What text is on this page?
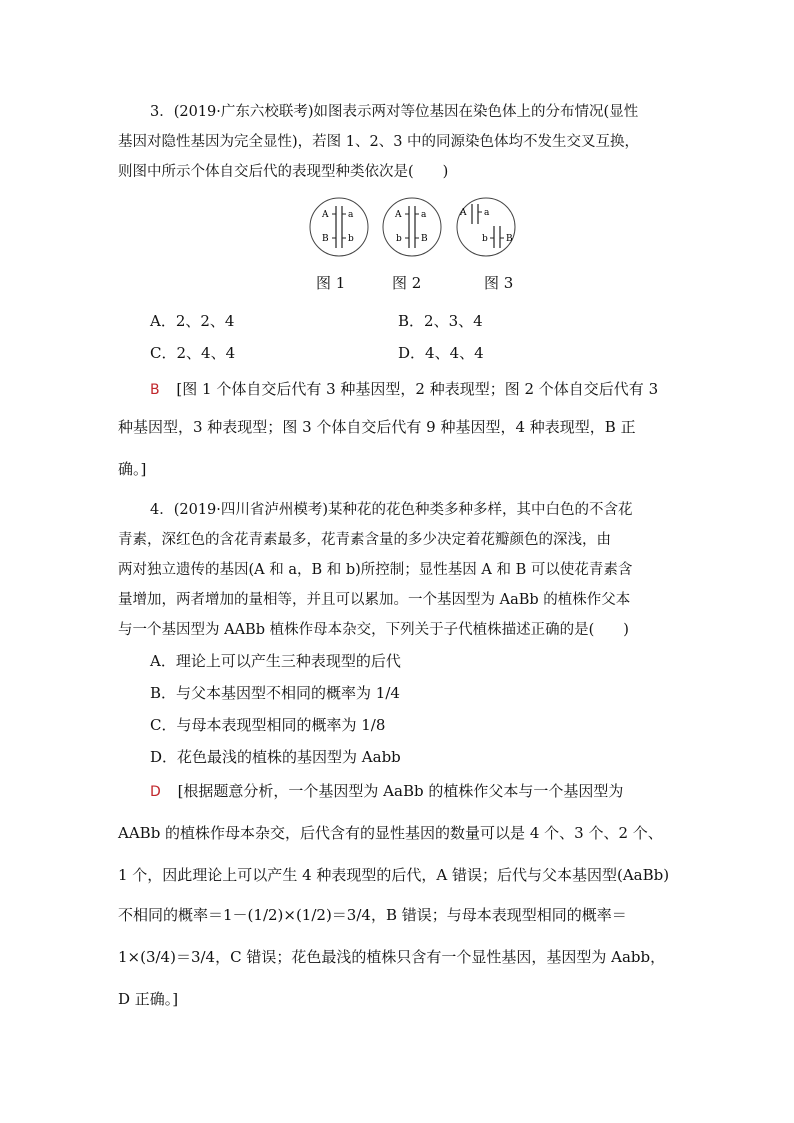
3．(2019·广东六校联考)如图表示两对等位基因在染色体上的分布情况(显性
基因对隐性基因为完全显性)，若图 1、2、3 中的同源染色体均不发生交叉互换，
则图中所示个体自交后代的表现型种类依次是(　　)
A a
B b
A a
b B
A a
b B
图 1	图 2	图 3
A．2、2、4	B．2、3、4
C．2、4、4	D．4、4、4
B [图 1 个体自交后代有 3 种基因型，2 种表现型；图 2 个体自交后代有 3
种基因型，3 种表现型；图 3 个体自交后代有 9 种基因型，4 种表现型，B 正
确。]
4．(2019·四川省泸州模考)某种花的花色种类多种多样，其中白色的不含花
青素，深红色的含花青素最多，花青素含量的多少决定着花瓣颜色的深浅，由
两对独立遗传的基因(A 和 a，B 和 b)所控制；显性基因 A 和 B 可以使花青素含
量增加，两者增加的量相等，并且可以累加。一个基因型为 AaBb 的植株作父本
与一个基因型为 AABb 植株作母本杂交，下列关于子代植株描述正确的是(　　)
A．理论上可以产生三种表现型的后代
B．与父本基因型不相同的概率为 1/4
C．与母本表现型相同的概率为 1/8
D．花色最浅的植株的基因型为 Aabb
D [根据题意分析，一个基因型为 AaBb 的植株作父本与一个基因型为
AABb 的植株作母本杂交，后代含有的显性基因的数量可以是 4 个、3 个、2 个、
1 个，因此理论上可以产生 4 种表现型的后代，A 错误；后代与父本基因型(AaBb)
不相同的概率＝1－(1/2)×(1/2)＝3/4，B 错误；与母本表现型相同的概率＝
1×(3/4)＝3/4，C 错误；花色最浅的植株只含有一个显性基因，基因型为 Aabb，
D 正确。]
